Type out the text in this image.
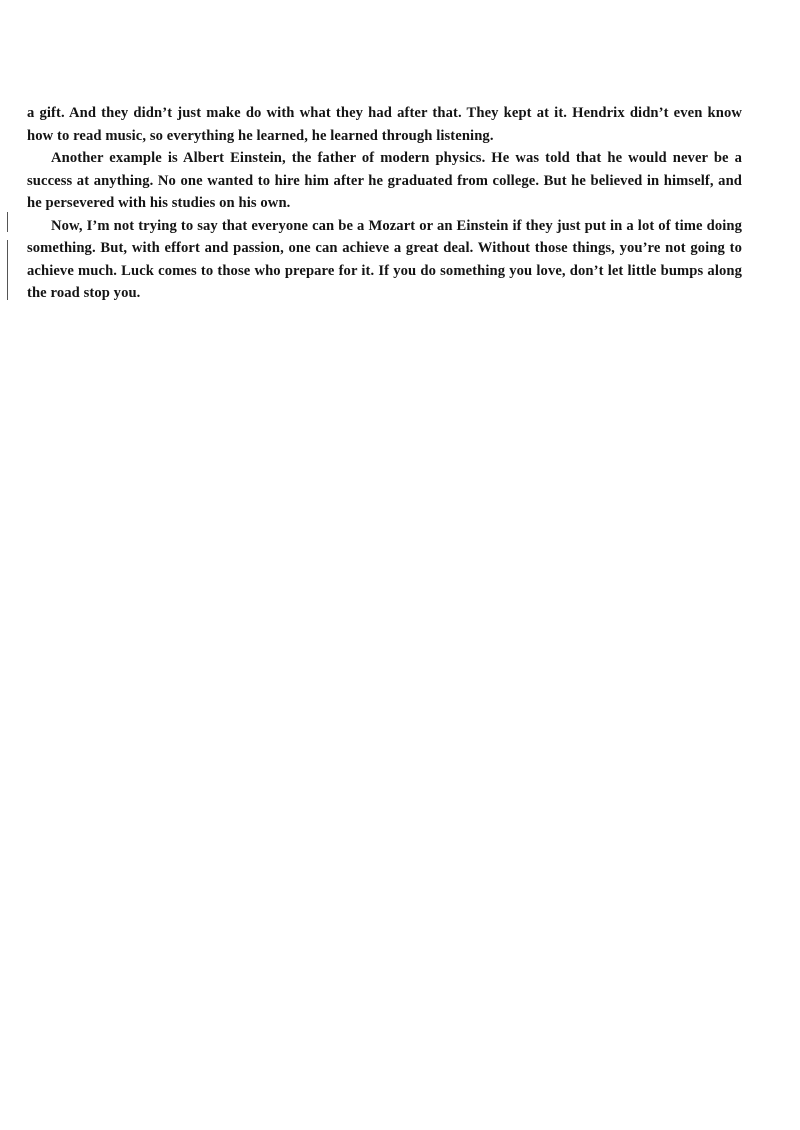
a gift. And they didn’t just make do with what they had after that. They kept at it. Hendrix didn’t even know how to read music, so everything he learned, he learned through listening.

Another example is Albert Einstein, the father of modern physics. He was told that he would never be a success at anything. No one wanted to hire him after he graduated from college. But he believed in himself, and he persevered with his studies on his own.

Now, I’m not trying to say that everyone can be a Mozart or an Einstein if they just put in a lot of time doing something. But, with effort and passion, one can achieve a great deal. Without those things, you’re not going to achieve much. Luck comes to those who prepare for it. If you do something you love, don’t let little bumps along the road stop you.
